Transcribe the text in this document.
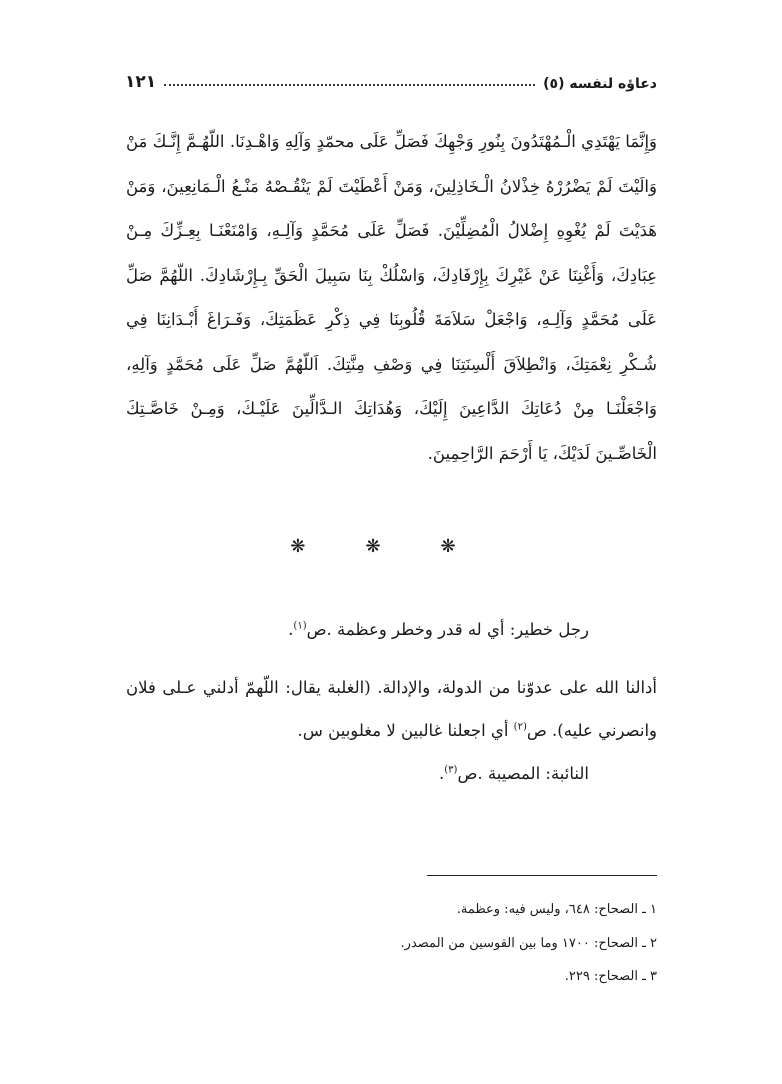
دعاؤه لنفسه (٥)
١٢١
وَإِنَّمَا يَهْتَدِي الْـمُهْتَدُونَ بِنُورِ وَجْهِكَ فَصَلِّ عَلَى محمّدٍ وَآلِهِ وَاهْـدِنَا. اللّهُـمَّ إِنَّـكَ مَنْ وَالَيْتَ لَمْ يَضْرُرْهُ خِذْلانُ الْـخَاذِلِينَ، وَمَنْ أَعْطَيْتَ لَمْ يَنْقُـصْهُ مَنْـعُ الْـمَانِعِينَ، وَمَنْ هَدَيْتَ لَمْ يُغْوِهِ إِضْلالُ الْمُضِلِّيْنَ. فَصَلِّ عَلَى مُحَمَّدٍ وَآلِـهِ، وَامْنَعْنَـا بِعِـزِّكَ مِـنْ عِبَادِكَ، وَأَغْنِنَا عَنْ غَيْرِكَ بِإِرْفَادِكَ، وَاسْلُكْ بِنَا سَبِيلَ الْحَقِّ بِـإِرْشَادِكَ. اللّهُمَّ صَلِّ عَلَى مُحَمَّدٍ وَآلِـهِ، وَاجْعَلْ سَلاَمَةَ قُلُوبِنَا فِي ذِكْرِ عَظَمَتِكَ، وَفَـرَاغَ أَبْـدَانِنَا فِي شُـكْرِ نِعْمَتِكَ، وَانْطِلاَقَ أَلْسِنَتِنَا فِي وَصْفِ مِنَّتِكَ. اَللّهُمَّ صَلِّ عَلَى مُحَمَّدٍ وَآلِهِ، وَاجْعَلْنَـا مِنْ دُعَاتِكَ الدَّاعِينَ إِلَيْكَ، وَهُدَاتِكَ الـدَّالِّينَ عَلَيْـكَ، وَمِـنْ خَاصَّـتِكَ الْخَاصِّـينَ لَدَيْكَ، يَا أَرْحَمَ الرَّاحِمِينَ.
❋ ❋ ❋

رجل خطير: أي له قدر وخطر وعظمة .ص$^{(١)}$.

أدالنا الله على عدوّنا من الدولة، والإدالة. (الغلبة يقال: اللّهمّ أدلني عـلى فلان وانصرني عليه). ص$^{(٢)}$ أي اجعلنا غالبين لا مغلوبين س.

النائبة: المصيبة .ص$^{(٣)}$.

١ ـ الصحاح: ٦٤٨، وليس فيه: وعظمة.
٢ ـ الصحاح: ١٧٠٠ وما بين القوسين من المصدر.
٣ ـ الصحاح: ٢٢٩.
